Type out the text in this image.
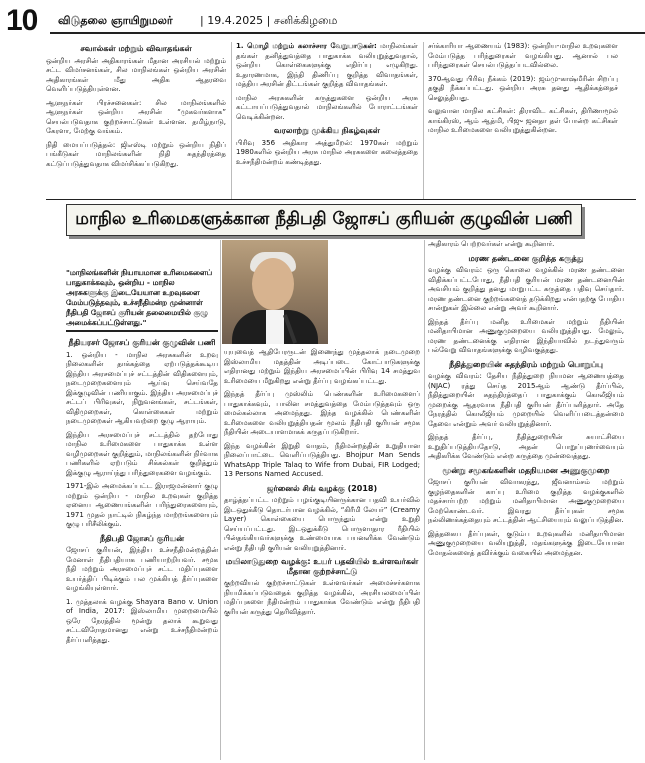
10 விடுதலை ஞாயிறுமலர் | 19.4.2025 | சனிக்கிழமை
சவால்கள் மற்றும் விவாதங்கள்

ஒன்றிய அரசின் அதிகாரங்கள் மீதான அரசியல் மற்றும் சட்ட விமர்சனங்கள், சில மாநிலங்கள் ஒன்றிய அரசின் அதிகாரங்கள் மீது அதிக ஆதரவை வெளிப்படுத்தியுள்ளன.

ஆளுநர்கள் பிரச்சனைகள்: சில மாநிலங்களில் ஆளுநர்கள் ஒன்றிய அரசின் “முகவர்களாக” செயல்படுவதாக குற்றச்சாட்டுகள் உள்ளன. தமிழ்நாடு, கேரளா, மேற்கு வங்கம்.

நிதி மையப்படுத்தல்: ஜிஎஸ்டி மற்றும் ஒன்றிய நிதிப் பங்கீடுகள் மாநிலங்களின் நிதி சுதந்திரத்தை கட்டுப்படுத்துவதாக விமர்சிக்கப்படுகிறது.

1. மொழி மற்றும் கலாச்சார வேறுபாடுகள்: மாநிலங்கள் தங்கள் தனித்துவத்தை பாதுகாக்க வலியுறுத்துவதால், ஒன்றிய கொள்கைகளுக்கு எதிர்ப்பு எழுகிறது. உதாரணமாக, இந்தி திணிப்பு குறித்த விவாதங்கள், மத்திய அரசின் திட்டங்கள் குறித்த விவாதங்கள்.

மாநில அரசுகளின் கருத்துகளை ஒன்றிய அரசு கட்டாயப்படுத்துவதால் மாநிலங்களில் போராட்டங்கள் வெடிக்கின்றன.

வரலாற்று முக்கிய நிகழ்வுகள்

பிரிவு 356 அதிகார அத்துமீறல்: 1970கள் மற்றும் 1980களில் ஒன்றிய அரசு மாநில அரசுகளை கலைத்ததை உச்சநீதிமன்றம் கண்டித்தது.

சர்க்காரியா ஆணையம் (1983): ஒன்றிய-மாநில உறவுகளை மேம்படுத்த பரிந்துரைகள் வழங்கியது. ஆனால் பல பரிந்துரைகள் செயல்படுத்தப்படவில்லை.

370ஆவது பிரிவு நீக்கம் (2019): ஜம்மு-காஷ்மீரின் சிறப்பு தகுதி நீக்கப்பட்டது. ஒன்றிய அரசு தனது ஆதிக்கத்தைச் செலுத்தியது.

வலுவான மாநில கட்சிகள்: திராவிட கட்சிகள், திரிணாமூல் காங்கிரஸ், ஆம் ஆத்மி, பிஜு ஜனதா தள் போன்ற கட்சிகள் மாநில உரிமைகளை வலியுறுத்துகின்றன.

மாநில உரிமைகளுக்கான நீதிபதி ஜோசப் குரியன் குழுவின் பணி
"மாநிலங்களின் நியாயமான உரிமைகளைப் பாதுகாக்கவும், ஒன்றிய - மாநில அரசுகளுக்கு இடையேயான உறவுகளை மேம்படுத்தவும், உச்சநீதிமன்ற முன்னாள் நீதிபதி ஜோசப் குரியன் தலைமையில் குழு அமைக்கப்பட்டுள்ளது."
நீதியரசர் ஜோசப் குரியன் குழுவின் பணி

1. ஒன்றிய - மாநில அரசுகளின் உறவு நிலைகளின் தாக்கத்தை ஏற்படுத்தக்கூடிய இந்திய அரசமைப்புச் சட்டத்தின் விதிகளையும், நடைமுறைகளையும் ஆய்வு செய்வதே இக்குழுவின் பணியாகும். இந்திய அரசமைப்புச் சட்டப் பிரிவுகள், நிறுவனங்கள், சட்டங்கள், விதிமுறைகள், கொள்கைகள் மற்றும் நடைமுறைகள் ஆகியவற்றை குழு ஆராயும்.

இந்திய அரசமைப்புச் சட்டத்தில் தற்போது மாநில உரிமைகளை பாதுகாக்க உள்ள வழிமுறைகள் குறித்தும், மாநிலங்களின் நிர்வாக பணிகளில் ஏற்படும் சிக்கல்கள் குறித்தும் இக்குழு ஆராய்ந்து பரிந்துரைகளை வழங்கும்.

1971-இல் அமைக்கப்பட்ட இராஜமன்னார் குழு மற்றும் ஒன்றிய - மாநில உறவுகள் குறித்த ஏனைய ஆணையங்களின் பரிந்துரைகளையும், 1971 முதல் நாட்டில் நிகழ்ந்த மாற்றங்களையும் குழு பரிசீலிக்கும்.

நீதிபதி ஜோசப் குரியன்

ஜோசப் குரியன், இந்திய உச்சநீதிமன்றத்தின் மேனாள் நீதிபதியாக பணியாற்றியவர். சமூக நீதி மற்றும் அரசமைப்புச் சட்ட மதிப்புகளை உயர்த்திப் பிடிக்கும் பல முக்கியத் தீர்ப்புகளை வழங்கியுள்ளார்.

1. முத்தலாக் வழக்கு Shayara Bano v. Union of India, 2017: இஸ்லாமிய முறைமையில் ஒரே நேரத்தில் மூன்று தலாக் கூறுவது சட்டவிரோதமானது என்று உச்சநீதிமன்றம் தீர்ப்பளித்தது.

யுயுவைத் ஆதிபேரருடன் இணைந்து முத்தலாக் நடைமுறை இஸ்லாமிய மதத்தின் அடிப்படை கோட்பாடுகளுக்கு எதிரானது மற்றும் இந்திய அரசமைப்பின் பிரிவு 14 சமத்துவ உரிமையை மீறுகிறது என்று தீர்ப்பு வழங்கப்பட்டது.

இந்தத் தீர்ப்பு முஸ்லிம் பெண்களின் உரிமைகளைப் பாதுகாக்கவும், பாலின சமத்துவத்தை மேம்படுத்தவும் ஒரு மைல்கல்லாக அமைந்தது. இந்த வழக்கில் பெண்களின் உரிமைகளை வலியுறுத்தியதன் மூலம் நீதிபதி குரியன் சமூக நீதியின் அடையாளமாகக் கருதப்படுகிறார்.

இந்த வழக்கின் இறுதி வாதம், நீதிமன்றத்தின் உறுதியான நிலைப்பாட்டை வெளிப்படுத்தியது. Bhojpur Man Sends WhatsApp Triple Talaq to Wife from Dubai, FIR Lodged; 13 Persons Named Accused.

ஜர்னைல் சிங் வழக்கு (2018)

தாழ்த்தப்பட்ட மற்றும் பழங்குடியினருக்கான பதவி உயர்வில் இடஒதுக்கீடு தொடர்பான வழக்கில், “கிரீமி லேயர்” (Creamy Layer) கொள்கையை பொருந்தும் என்று உறுதி செய்யப்பட்டது. இடஒதுக்கீடு பொருளாதார ரீதியில் பின்தங்கியவர்களுக்கு உண்மையாக பயனளிக்க வேண்டும் என்று நீதிபதி குரியன் வலியுறுத்தினார்.

மயிலாடுதுறை வழக்கு: உயர் பதவியில் உள்ளவர்கள் மீதான குற்றச்சாட்டு

குற்றவியல் குற்றச்சாட்டுகள் உள்ளவர்கள் அமைச்சர்களாக நியமிக்கப்படுவதைக் குறித்த வழக்கில், அரசியலமைப்பின் மதிப்புகளை நீதிமன்றம் பாதுகாக்க வேண்டும் என்று நீதிபதி குரியன் கருத்து தெரிவித்தார்.

அதிகாரம் பெற்றவர்கள் என்று கூறினார்.

மரண தண்டனை குறித்த கருத்து

வழக்கு விவரம்: ஒரு கொலை வழக்கில் மரண தண்டனை விதிக்கப்பட்டபோது, நீதிபதி குரியன் மரண தண்டனையின் அவசியம் குறித்து தனது மாறுபட்ட கருத்தை பதிவு செய்தார். மரண தண்டனை குற்றங்களைத் தடுக்கிறது என்பதற்கு போதிய சான்றுகள் இல்லை என்று அவர் கூறினார்.

இந்தத் தீர்ப்பு மனித உரிமைகள் மற்றும் நீதியின் மனிதாபிமான அணுகுமுறையை வலியுறுத்தியது. மேலும், மரண தண்டனைக்கு எதிரான இந்தியாவில் நடந்துவரும் பல்வேறு விவாதங்களுக்கு வழிவகுத்தது.

நீதித்துறையின் சுதந்திரம் மற்றும் பொறுப்பு

வழக்கு விவரம்: தேசிய நீதித்துறை நியமன ஆணையத்தை (NJAC) ரத்து செய்த 2015ஆம் ஆண்டு தீர்ப்பில், நீதித்துறையின் சுதந்திரத்தைப் பாதுகாக்கும் கொலீஜியம் முறைக்கு ஆதரவாக நீதிபதி குரியன் தீர்ப்பளித்தார். அதே நேரத்தில் கொலீஜியம் முறையில் வெளிப்படைத்தன்மை தேவை என்றும் அவர் வலியுறுத்தினார்.

இந்தத் தீர்ப்பு, நீதித்துறையின் சுயாட்சியை உறுதிப்படுத்தியதோடு, அதன் பொறுப்புணர்வையும் அதிகரிக்க வேண்டும் என்ற கருத்தை முன்வைத்தது.

மூன்று சமூகங்களின் மதநியமன அணுகுமுறை

ஜோசப் குரியன் விவாகரத்து, ஜீவனாம்சம் மற்றும் குழந்தைகளின் காப்பு உரிமை குறித்த வழக்குகளில் மதச்சார்பற்ற மற்றும் மனிதாபிமான அணுகுமுறையை மேற்கொண்டவர். இவரது தீர்ப்புகள் சமூக நல்லிணக்கத்தையும் சட்டத்தின் ஆட்சியையும் வலுப்படுத்தின.

இத்தகைய தீர்ப்புகள், குடும்ப உறவுகளில் மனிதாபிமான அணுகுமுறையை வலியுறுத்தி, மதங்களுக்கு இடையேயான மோதல்களைத் தவிர்க்கும் வகையில் அமைந்தன.
